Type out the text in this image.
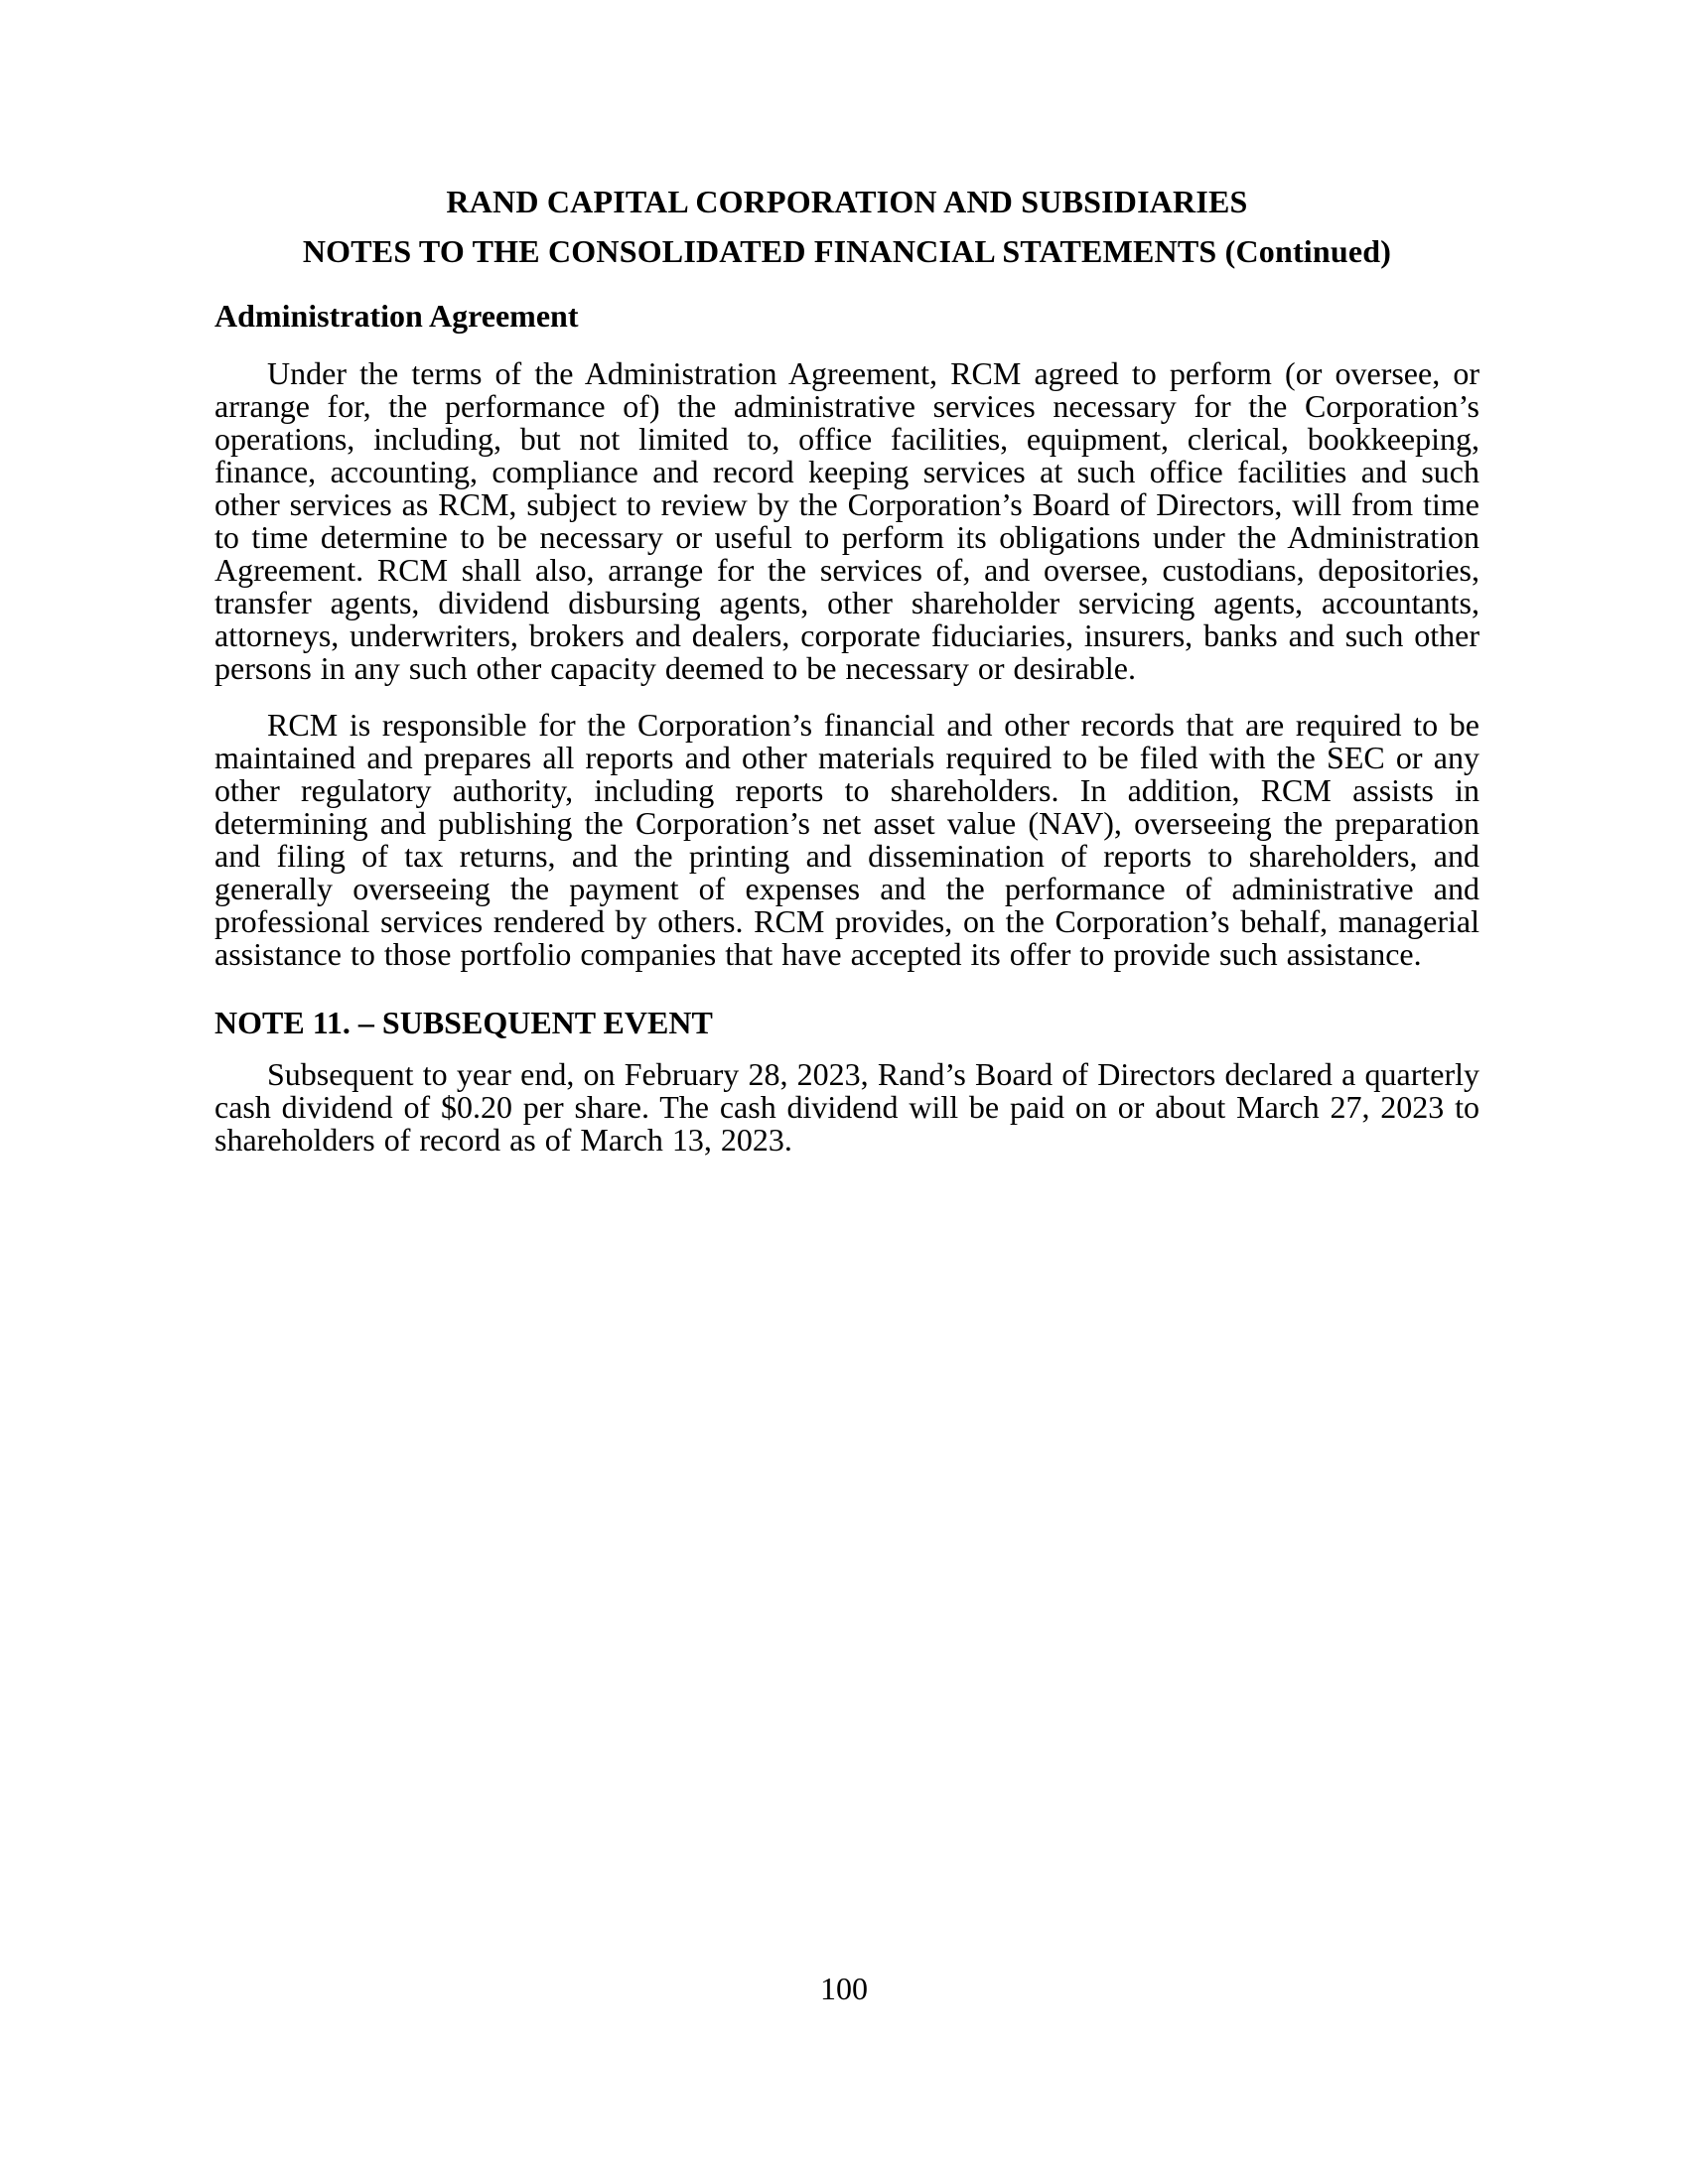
RAND CAPITAL CORPORATION AND SUBSIDIARIES
NOTES TO THE CONSOLIDATED FINANCIAL STATEMENTS (Continued)
Administration Agreement

Under the terms of the Administration Agreement, RCM agreed to perform (or oversee, or arrange for, the performance of) the administrative services necessary for the Corporation’s operations, including, but not limited to, office facilities, equipment, clerical, bookkeeping, finance, accounting, compliance and record keeping services at such office facilities and such other services as RCM, subject to review by the Corporation’s Board of Directors, will from time to time determine to be necessary or useful to perform its obligations under the Administration Agreement. RCM shall also, arrange for the services of, and oversee, custodians, depositories, transfer agents, dividend disbursing agents, other shareholder servicing agents, accountants, attorneys, underwriters, brokers and dealers, corporate fiduciaries, insurers, banks and such other persons in any such other capacity deemed to be necessary or desirable.

RCM is responsible for the Corporation’s financial and other records that are required to be maintained and prepares all reports and other materials required to be filed with the SEC or any other regulatory authority, including reports to shareholders. In addition, RCM assists in determining and publishing the Corporation’s net asset value (NAV), overseeing the preparation and filing of tax returns, and the printing and dissemination of reports to shareholders, and generally overseeing the payment of expenses and the performance of administrative and professional services rendered by others. RCM provides, on the Corporation’s behalf, managerial assistance to those portfolio companies that have accepted its offer to provide such assistance.

NOTE 11. – SUBSEQUENT EVENT

Subsequent to year end, on February 28, 2023, Rand’s Board of Directors declared a quarterly cash dividend of $0.20 per share. The cash dividend will be paid on or about March 27, 2023 to shareholders of record as of March 13, 2023.

100
